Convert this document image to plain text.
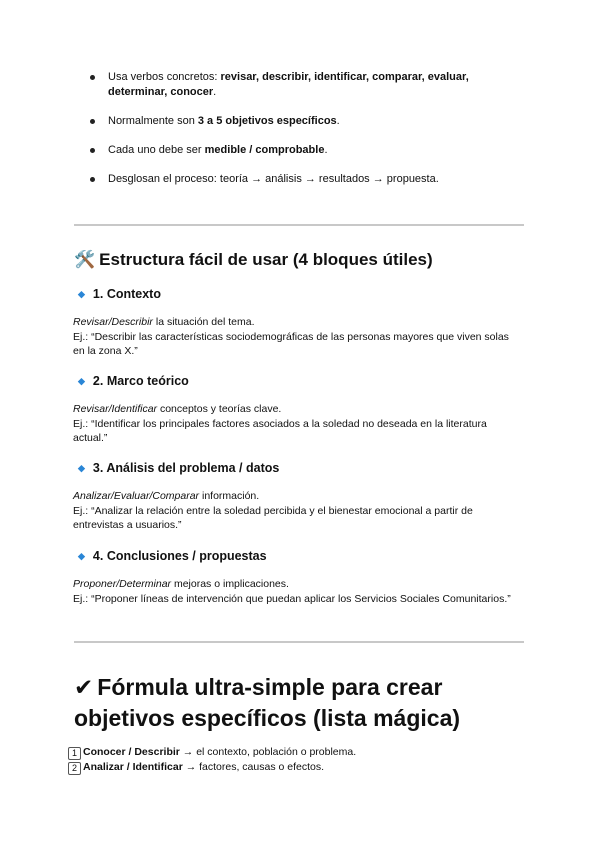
Usa verbos concretos: revisar, describir, identificar, comparar, evaluar, determinar, conocer.
Normalmente son 3 a 5 objetivos específicos.
Cada uno debe ser medible / comprobable.
Desglosan el proceso: teoría → análisis → resultados → propuesta.
🛠️ Estructura fácil de usar (4 bloques útiles)
◆ 1. Contexto

Revisar/Describir la situación del tema.

Ej.: “Describir las características sociodemográficas de las personas mayores que viven solas en la zona X.”

◆ 2. Marco teórico

Revisar/Identificar conceptos y teorías clave.

Ej.: “Identificar los principales factores asociados a la soledad no deseada en la literatura actual.”

◆ 3. Análisis del problema / datos

Analizar/Evaluar/Comparar información.

Ej.: “Analizar la relación entre la soledad percibida y el bienestar emocional a partir de entrevistas a usuarios.”

◆ 4. Conclusiones / propuestas

Proponer/Determinar mejoras o implicaciones.

Ej.: “Proponer líneas de intervención que puedan aplicar los Servicios Sociales Comunitarios.”

✔ Fórmula ultra-simple para crear objetivos específicos (lista mágica)
1 Conocer / Describir → el contexto, población o problema.
2 Analizar / Identificar → factores, causas o efectos.
